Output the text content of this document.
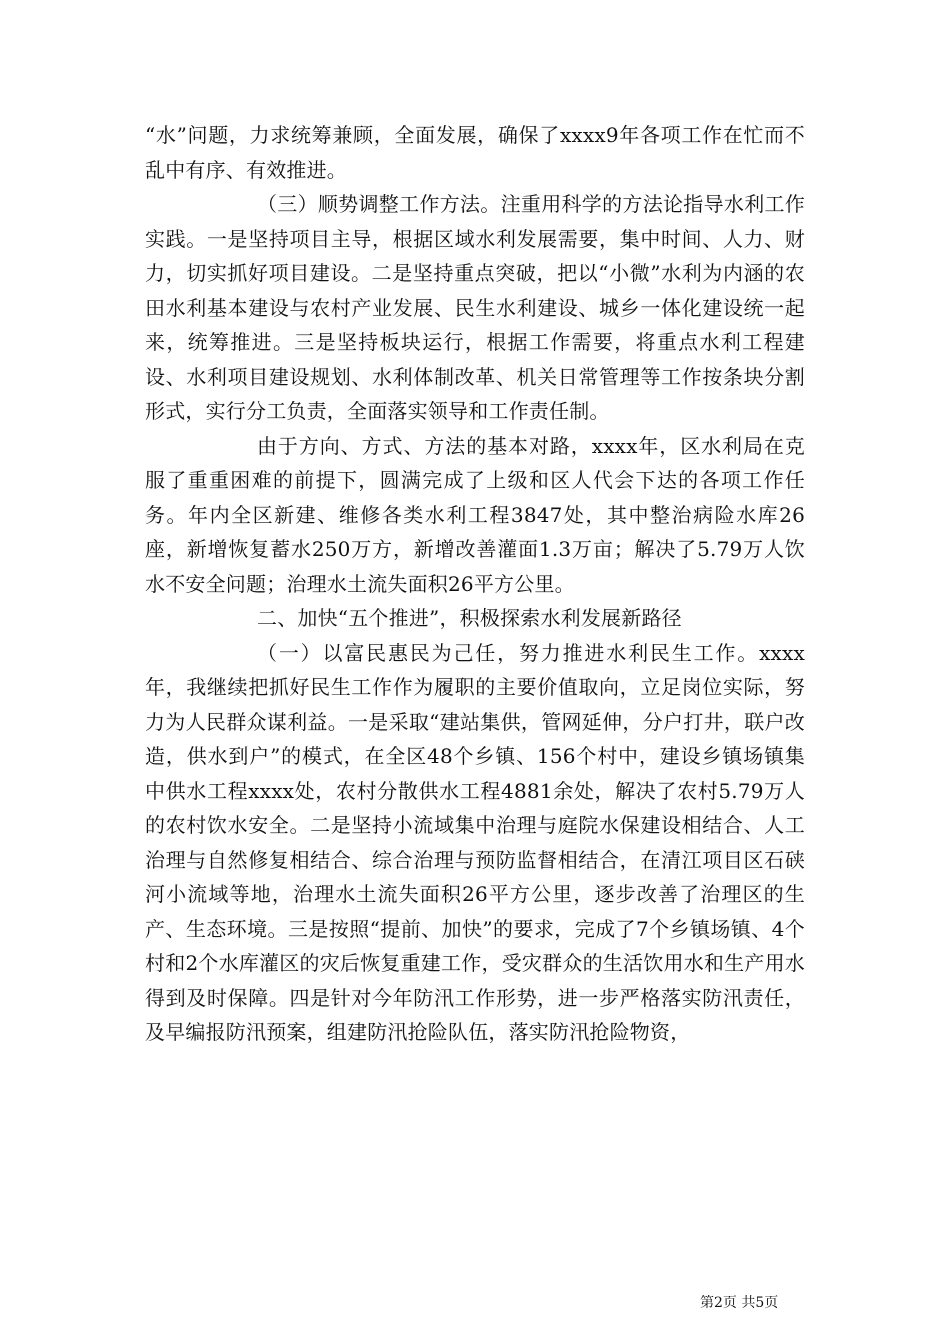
“水”问题，力求统筹兼顾，全面发展，确保了xxxx9年各项工作在忙而不乱中有序、有效推进。

（三）顺势调整工作方法。注重用科学的方法论指导水利工作实践。一是坚持项目主导，根据区域水利发展需要，集中时间、人力、财力，切实抓好项目建设。二是坚持重点突破，把以“小微”水利为内涵的农田水利基本建设与农村产业发展、民生水利建设、城乡一体化建设统一起来，统筹推进。三是坚持板块运行，根据工作需要，将重点水利工程建设、水利项目建设规划、水利体制改革、机关日常管理等工作按条块分割形式，实行分工负责，全面落实领导和工作责任制。

由于方向、方式、方法的基本对路，xxxx年，区水利局在克服了重重困难的前提下，圆满完成了上级和区人代会下达的各项工作任务。年内全区新建、维修各类水利工程3847处，其中整治病险水库26座，新增恢复蓄水250万方，新增改善灌面1.3万亩；解决了5.79万人饮水不安全问题；治理水土流失面积26平方公里。

二、加快“五个推进”，积极探索水利发展新路径

（一）以富民惠民为己任，努力推进水利民生工作。xxxx年，我继续把抓好民生工作作为履职的主要价值取向，立足岗位实际，努力为人民群众谋利益。一是采取“建站集供，管网延伸，分户打井，联户改造，供水到户”的模式，在全区48个乡镇、156个村中，建设乡镇场镇集中供水工程xxxx处，农村分散供水工程4881余处，解决了农村5.79万人的农村饮水安全。二是坚持小流域集中治理与庭院水保建设相结合、人工治理与自然修复相结合、综合治理与预防监督相结合，在清江项目区石硖河小流域等地，治理水土流失面积26平方公里，逐步改善了治理区的生产、生态环境。三是按照“提前、加快”的要求，完成了7个乡镇场镇、4个村和2个水库灌区的灾后恢复重建工作，受灾群众的生活饮用水和生产用水得到及时保障。四是针对今年防汛工作形势，进一步严格落实防汛责任，及早编报防汛预案，组建防汛抢险队伍，落实防汛抢险物资，

第2页 共5页
